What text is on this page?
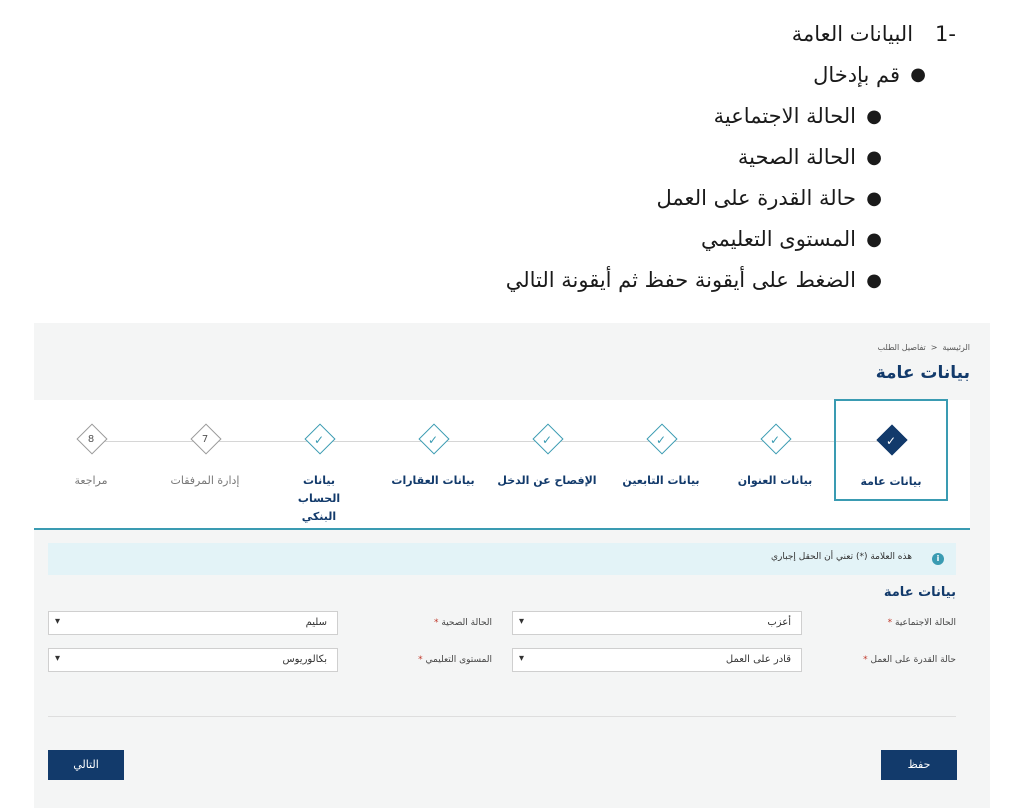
-1البيانات العامة
●
قم بإدخال
●
الحالة الاجتماعية
●
الحالة الصحية
●
حالة القدرة على العمل
●
المستوى التعليمي
●
الضغط على أيقونة حفظ ثم أيقونة التالي
الرئيسية<تفاصيل الطلب
بيانات عامة
✓
بيانات عامة
✓
بيانات العنوان
✓
بيانات التابعين
✓
الإفصاح عن الدخل
✓
بيانات العقارات
✓
بيانات الحساب البنكي
7
إدارة المرفقات
8
مراجعة
i
هذه العلامة (*) تعني أن الحقل إجباري
بيانات عامة
الحالة الاجتماعية *
أعزب
▾
الحالة الصحية *
سليم
▾
حالة القدرة على العمل *
قادر على العمل
▾
المستوى التعليمي *
بكالوريوس
▾
حفظ
التالي
